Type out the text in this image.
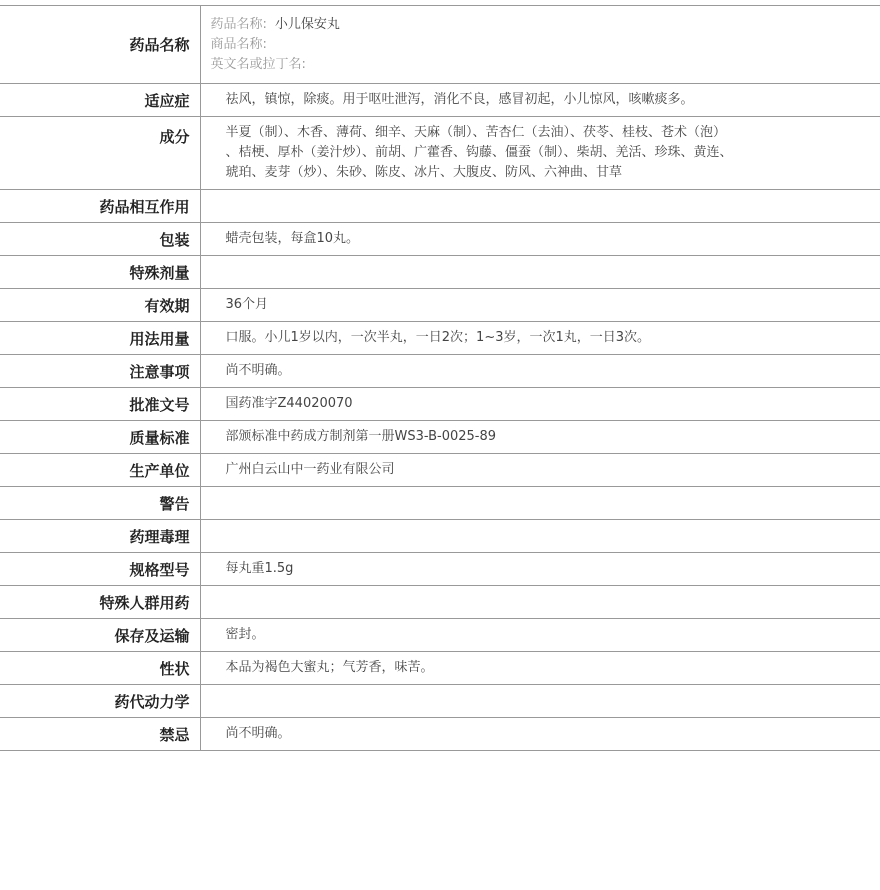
药品名称	药品名称: 小儿保安丸
商品名称:
英文名或拉丁名:

适应症	祛风，镇惊，除痰。用于呕吐泄泻，消化不良，感冒初起，小儿惊风，咳嗽痰多。
成分	半夏（制）、木香、薄荷、细辛、天麻（制）、苦杏仁（去油）、茯苓、桂枝、苍术（泡）
、桔梗、厚朴（姜汁炒）、前胡、广藿香、钩藤、僵蚕（制）、柴胡、羌活、珍珠、黄连、
琥珀、麦芽（炒）、朱砂、陈皮、冰片、大腹皮、防风、六神曲、甘草

药品相互作用	
包装	蜡壳包装，每盒10丸。
特殊剂量	
有效期	36个月
用法用量	口服。小儿1岁以内，一次半丸，一日2次；1~3岁，一次1丸，一日3次。
注意事项	尚不明确。
批准文号	国药准字Z44020070
质量标准	部颁标准中药成方制剂第一册WS3-B-0025-89
生产单位	广州白云山中一药业有限公司
警告	
药理毒理	
规格型号	每丸重1.5g
特殊人群用药	
保存及运输	密封。
性状	本品为褐色大蜜丸；气芳香，味苦。
药代动力学	
禁忌	尚不明确。
